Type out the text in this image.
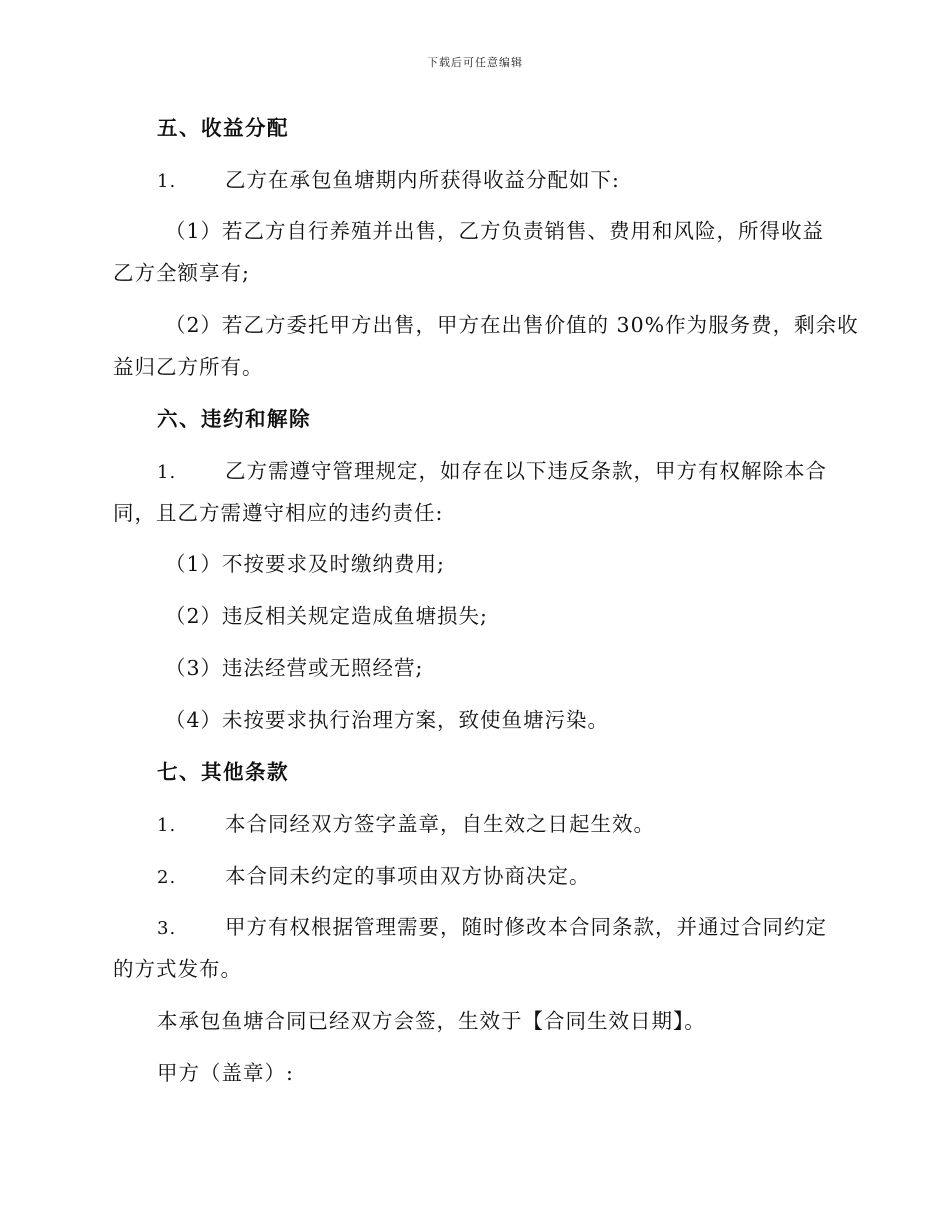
下载后可任意编辑
五、收益分配
1. 乙方在承包鱼塘期内所获得收益分配如下:
（1）若乙方自行养殖并出售，乙方负责销售、费用和风险，所得收益
乙方全额享有;
（2）若乙方委托甲方出售，甲方在出售价值的 30%作为服务费，剩余收
益归乙方所有。
六、违约和解除
1. 乙方需遵守管理规定，如存在以下违反条款，甲方有权解除本合
同，且乙方需遵守相应的违约责任:
（1）不按要求及时缴纳费用;
（2）违反相关规定造成鱼塘损失;
（3）违法经营或无照经营;
（4）未按要求执行治理方案，致使鱼塘污染。
七、其他条款
1. 本合同经双方签字盖章，自生效之日起生效。
2. 本合同未约定的事项由双方协商决定。
3. 甲方有权根据管理需要，随时修改本合同条款，并通过合同约定
的方式发布。
本承包鱼塘合同已经双方会签，生效于【合同生效日期】。
甲方（盖章）:
